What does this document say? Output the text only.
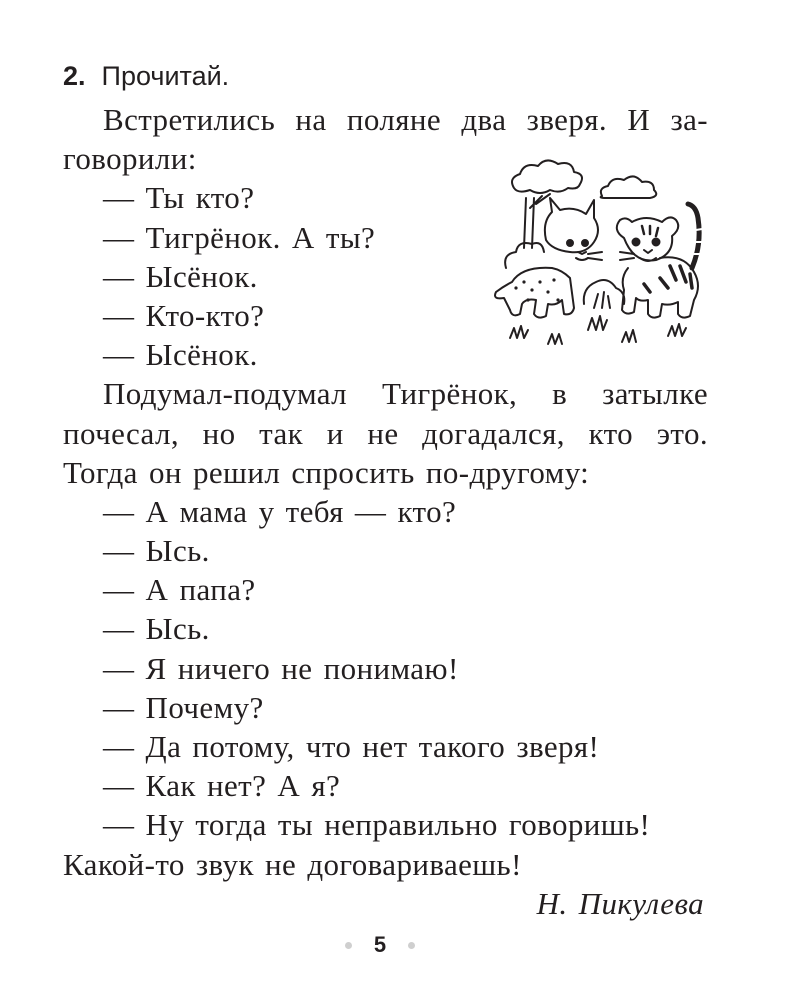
2. Прочитай.
Встретились на поляне два зверя. И за-
говорили:
— Ты кто?
— Тигрёнок. А ты?
— Ысёнок.
— Кто-кто?
— Ысёнок.
Подумал-подумал Тигрёнок, в затылке
почесал, но так и не догадался, кто это.
Тогда он решил спросить по-другому:
— А мама у тебя — кто?
— Ысь.
— А папа?
— Ысь.
— Я ничего не понимаю!
— Почему?
— Да потому, что нет такого зверя!
— Как нет? А я?
— Ну тогда ты неправильно говоришь!
Какой-то звук не договариваешь!
Н. Пикулева
5
